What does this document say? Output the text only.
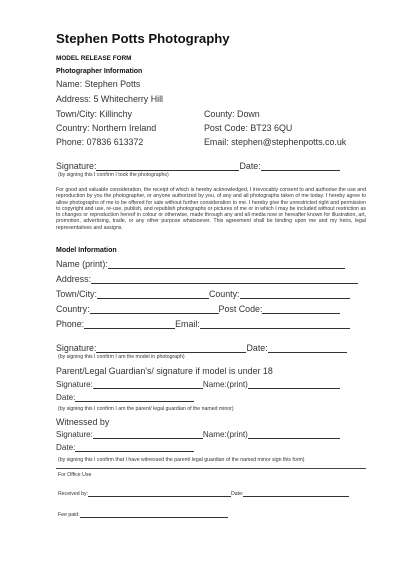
Stephen Potts Photography
MODEL RELEASE FORM
Photographer Information
Name: Stephen Potts
Address: 5 Whitecherry Hill
Town/City: Killinchy	County: Down
Country: Northern Ireland	Post Code: BT23 6QU
Phone: 07836 613372	Email: stephen@stephenpotts.co.uk
Signature:	Date:
(by signing this I confirm I took the photographs)
For good and valuable consideration, the receipt of which is hereby acknowledged, I irrevocably consent to and authorise the use and reproduction by you the photographer, or anyone authorized by you, of any and all photographs taken of me today. I hereby agree to allow photographs of me to be offered for sale without further consideration to me. I hereby give the unrestricted right and permission to copyright and use, re-use, publish, and republish photographs or pictures of me or in which I may be included without restriction as to changes or reproduction hereof in colour or otherwise, made through any and all media now or hereafter known for illustration, art, promotion, advertising, trade, or any other purpose whatsoever. This agreement shall be binding upon me and my heirs, legal representatives and assigns.
Model Information
Name (print):
Address:
Town/City:	County:
Country:	Post Code:
Phone:	Email:
Signature:	Date:
(by signing this I confirm I am the model in photograph)
Parent/Legal Guardian's/ signature if model is under 18
Signature:	Name:(print)
Date:
(by signing this I confirm I am the parent/ legal guardian of the named minor)
Witnessed by
Signature:	Name:(print)
Date:
(by signing this I confirm that I have witnessed the parent/ legal guardian of the named minor sign this form)
For Office Use
Received by:	Date:
Fee paid:
